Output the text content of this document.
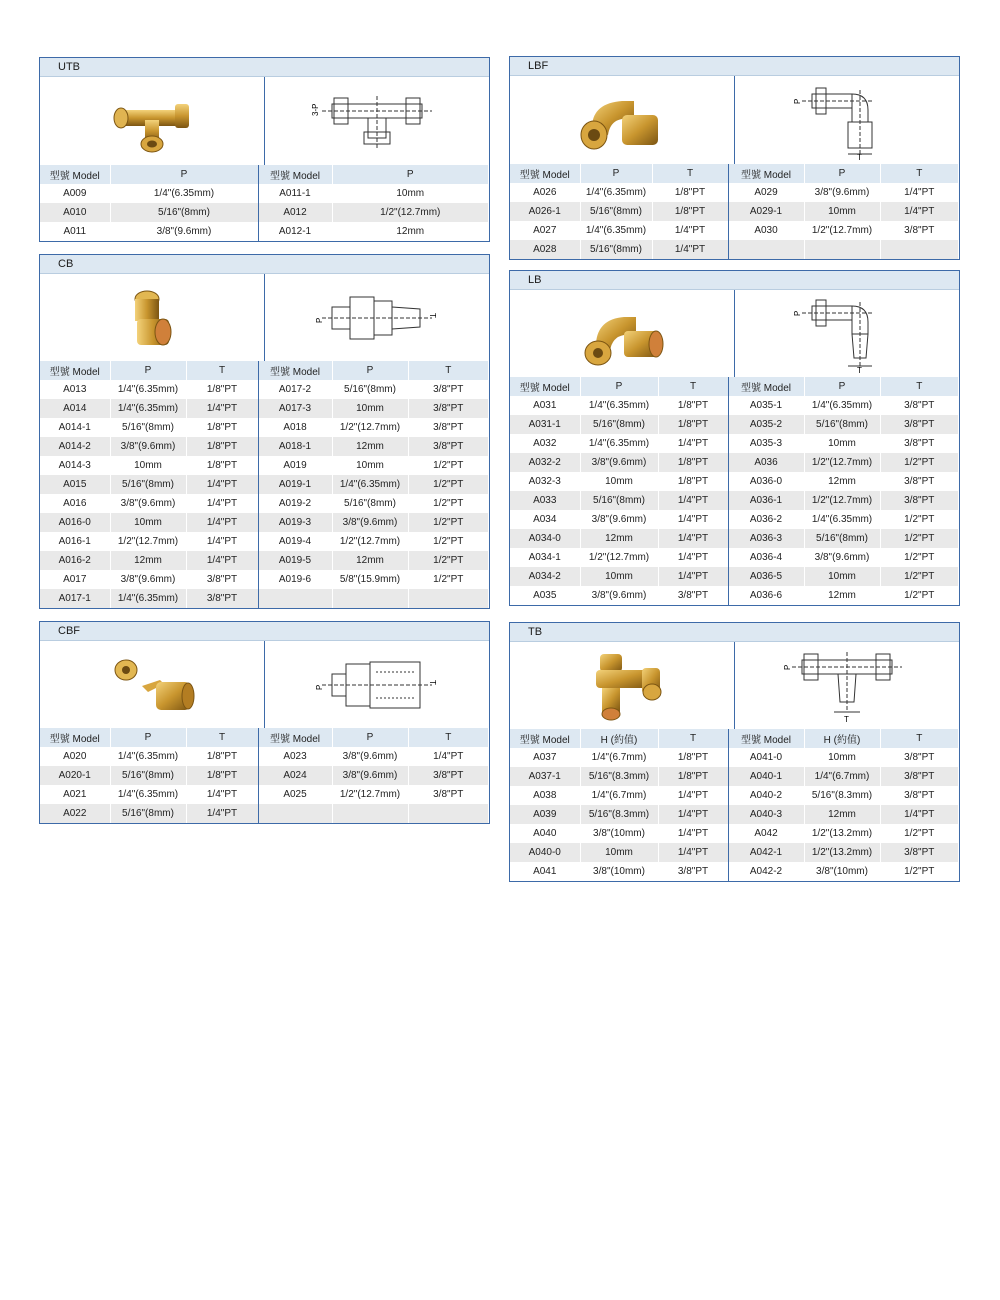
UTB
3-P
型號 Model	P	型號 Model	P
A009	1/4"(6.35mm)	A011-1	10mm
A010	5/16"(8mm)	A012	1/2"(12.7mm)
A011	3/8"(9.6mm)	A012-1	12mm
LBF
P
T
型號 Model	P	T	型號 Model	P	T
A026	1/4"(6.35mm)	1/8"PT	A029	3/8"(9.6mm)	1/4"PT
A026-1	5/16"(8mm)	1/8"PT	A029-1	10mm	1/4"PT
A027	1/4"(6.35mm)	1/4"PT	A030	1/2"(12.7mm)	3/8"PT
A028	5/16"(8mm)	1/4"PT			
CB
P
T
型號 Model	P	T	型號 Model	P	T
A013	1/4"(6.35mm)	1/8"PT	A017-2	5/16"(8mm)	3/8"PT
A014	1/4"(6.35mm)	1/4"PT	A017-3	10mm	3/8"PT
A014-1	5/16"(8mm)	1/8"PT	A018	1/2"(12.7mm)	3/8"PT
A014-2	3/8"(9.6mm)	1/8"PT	A018-1	12mm	3/8"PT
A014-3	10mm	1/8"PT	A019	10mm	1/2"PT
A015	5/16"(8mm)	1/4"PT	A019-1	1/4"(6.35mm)	1/2"PT
A016	3/8"(9.6mm)	1/4"PT	A019-2	5/16"(8mm)	1/2"PT
A016-0	10mm	1/4"PT	A019-3	3/8"(9.6mm)	1/2"PT
A016-1	1/2"(12.7mm)	1/4"PT	A019-4	1/2"(12.7mm)	1/2"PT
A016-2	12mm	1/4"PT	A019-5	12mm	1/2"PT
A017	3/8"(9.6mm)	3/8"PT	A019-6	5/8"(15.9mm)	1/2"PT
A017-1	1/4"(6.35mm)	3/8"PT			
LB
P
T
型號 Model	P	T	型號 Model	P	T
A031	1/4"(6.35mm)	1/8"PT	A035-1	1/4"(6.35mm)	3/8"PT
A031-1	5/16"(8mm)	1/8"PT	A035-2	5/16"(8mm)	3/8"PT
A032	1/4"(6.35mm)	1/4"PT	A035-3	10mm	3/8"PT
A032-2	3/8"(9.6mm)	1/8"PT	A036	1/2"(12.7mm)	1/2"PT
A032-3	10mm	1/8"PT	A036-0	12mm	3/8"PT
A033	5/16"(8mm)	1/4"PT	A036-1	1/2"(12.7mm)	3/8"PT
A034	3/8"(9.6mm)	1/4"PT	A036-2	1/4"(6.35mm)	1/2"PT
A034-0	12mm	1/4"PT	A036-3	5/16"(8mm)	1/2"PT
A034-1	1/2"(12.7mm)	1/4"PT	A036-4	3/8"(9.6mm)	1/2"PT
A034-2	10mm	1/4"PT	A036-5	10mm	1/2"PT
A035	3/8"(9.6mm)	3/8"PT	A036-6	12mm	1/2"PT
CBF
P
T
型號 Model	P	T	型號 Model	P	T
A020	1/4"(6.35mm)	1/8"PT	A023	3/8"(9.6mm)	1/4"PT
A020-1	5/16"(8mm)	1/8"PT	A024	3/8"(9.6mm)	3/8"PT
A021	1/4"(6.35mm)	1/4"PT	A025	1/2"(12.7mm)	3/8"PT
A022	5/16"(8mm)	1/4"PT			
TB
P
T
型號 Model	H (約值)	T	型號 Model	H (約值)	T
A037	1/4"(6.7mm)	1/8"PT	A041-0	10mm	3/8"PT
A037-1	5/16"(8.3mm)	1/8"PT	A040-1	1/4"(6.7mm)	3/8"PT
A038	1/4"(6.7mm)	1/4"PT	A040-2	5/16"(8.3mm)	3/8"PT
A039	5/16"(8.3mm)	1/4"PT	A040-3	12mm	1/4"PT
A040	3/8"(10mm)	1/4"PT	A042	1/2"(13.2mm)	1/2"PT
A040-0	10mm	1/4"PT	A042-1	1/2"(13.2mm)	3/8"PT
A041	3/8"(10mm)	3/8"PT	A042-2	3/8"(10mm)	1/2"PT
